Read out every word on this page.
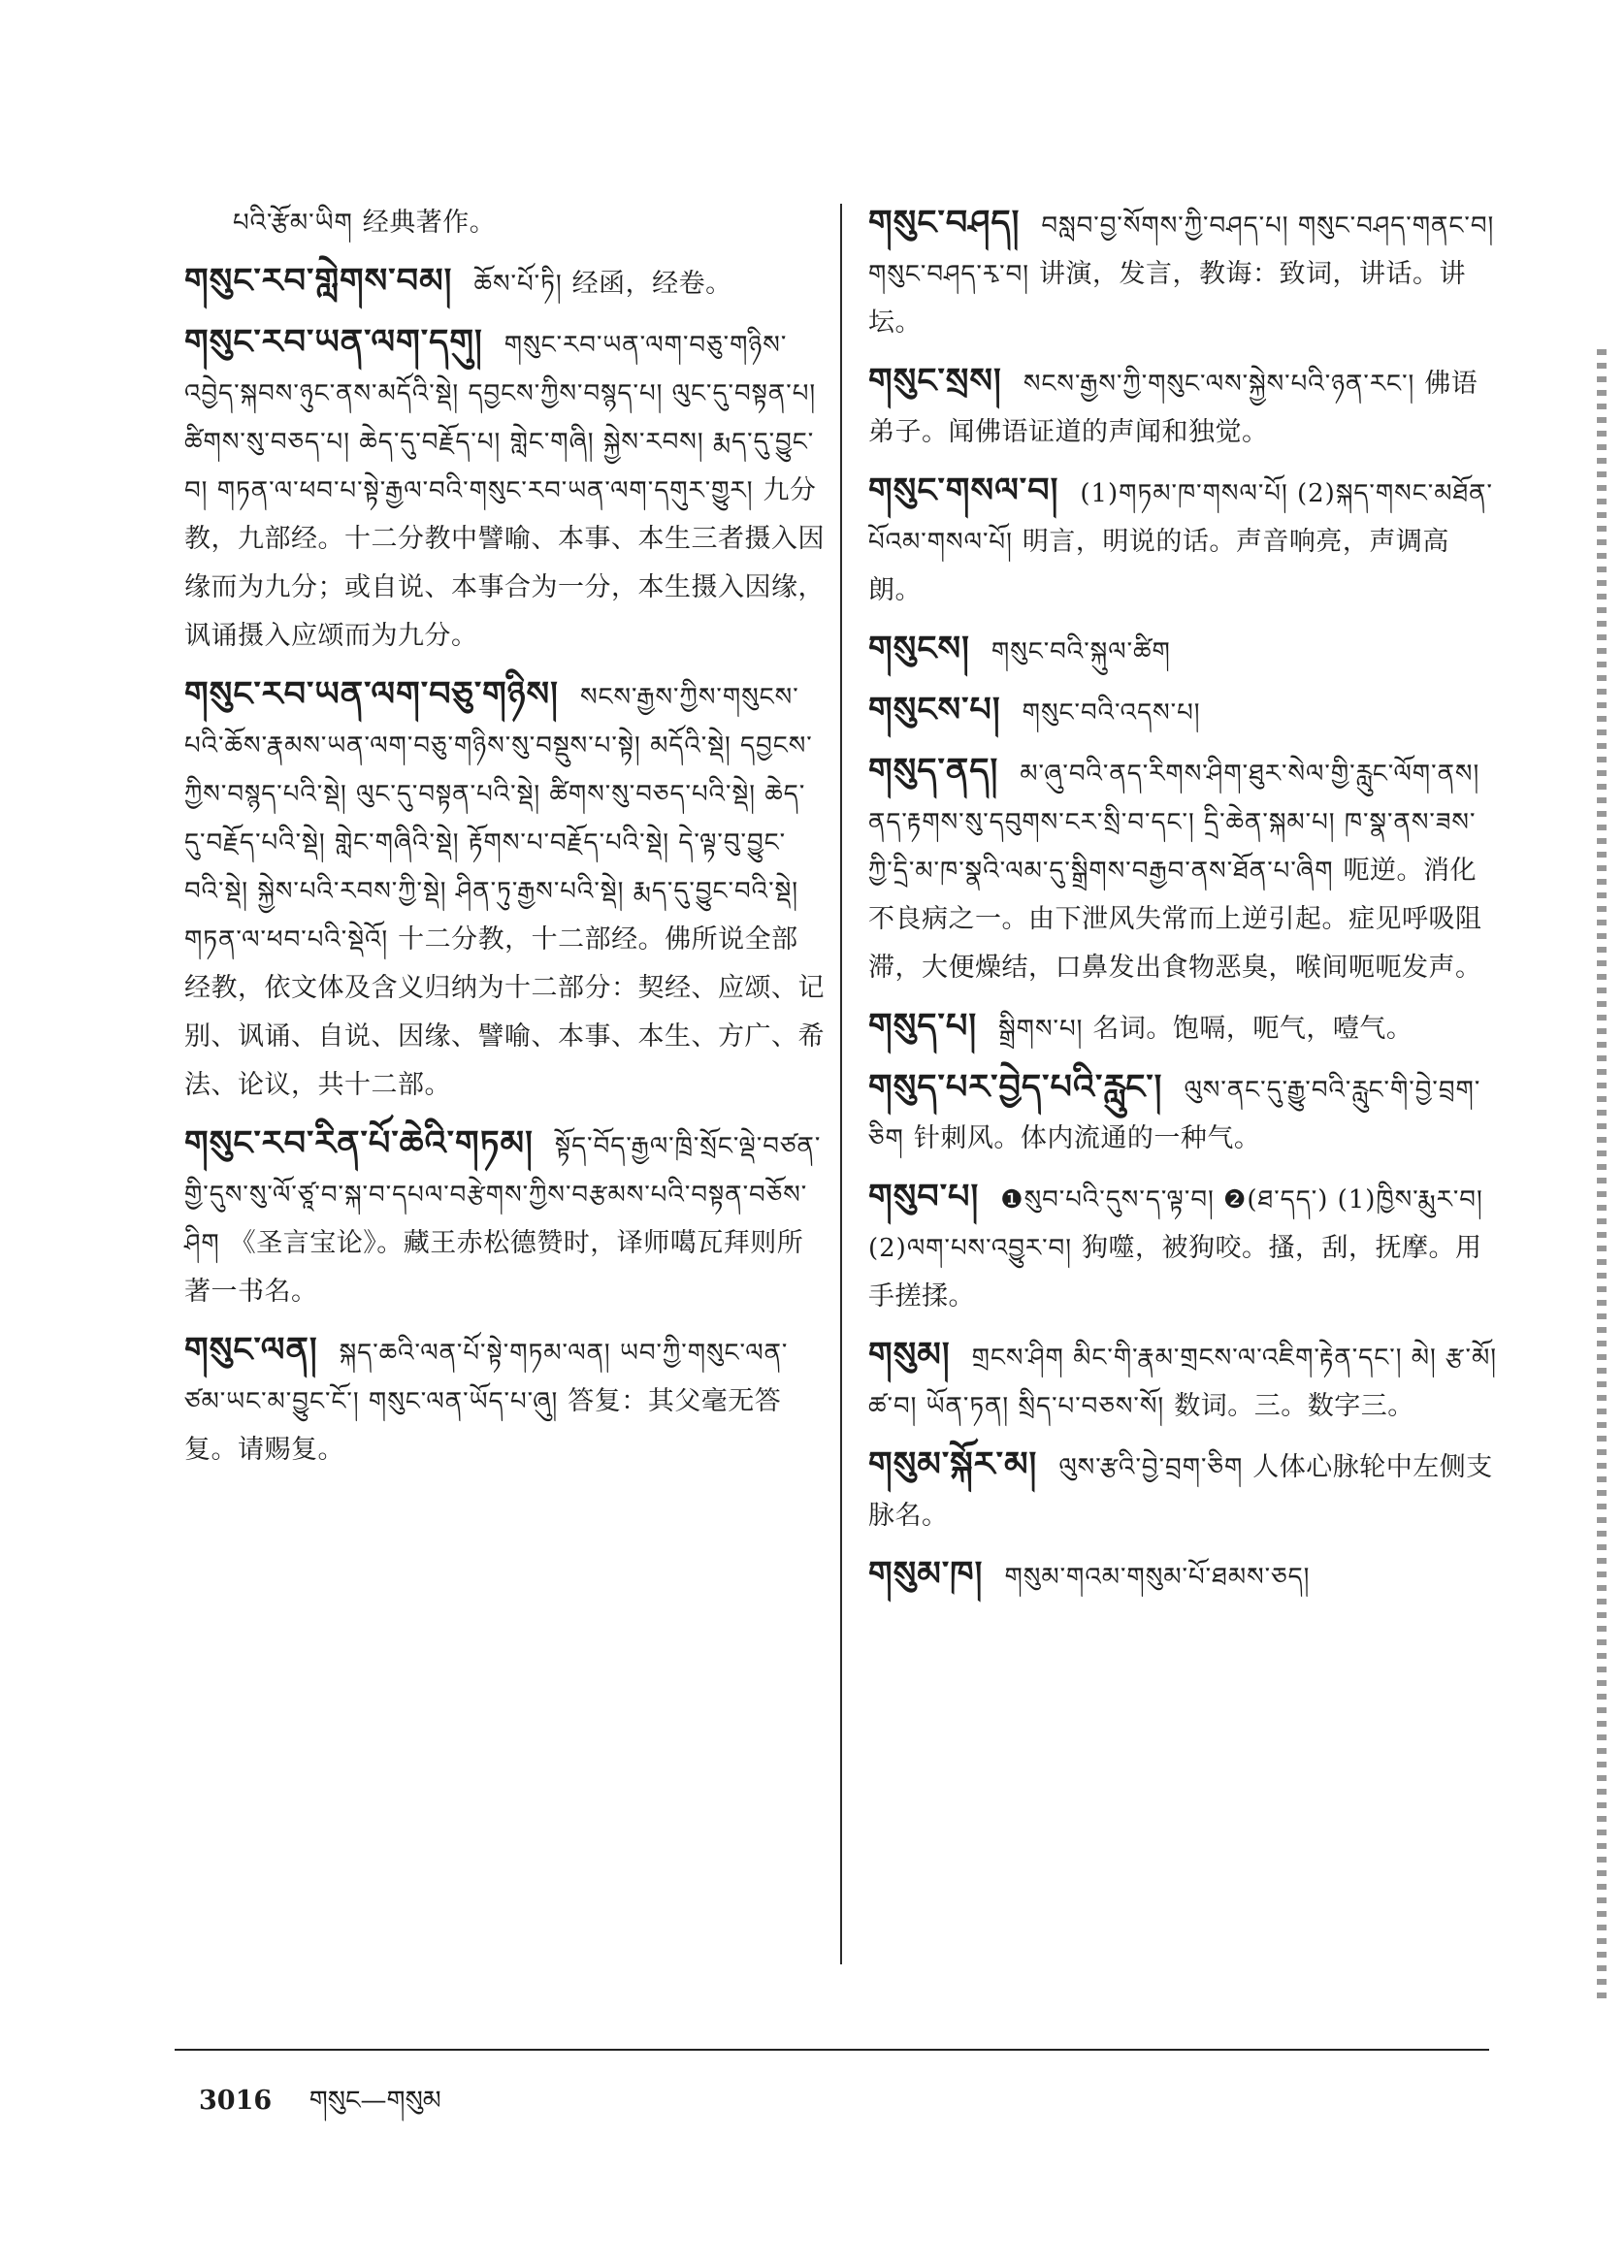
པའི་རྩོམ་ཡིག 经典著作。
གསུང་རབ་གླེགས་བམ། ཆོས་པོ་ཏི། 经函，经卷。
གསུང་རབ་ཡན་ལག་དགུ། གསུང་རབ་ཡན་ལག་བཅུ་གཉིས་འབྱེད་སྐབས་ཉུང་ནས་མདོའི་སྡེ། དབྱངས་ཀྱིས་བསྙད་པ། ལུང་དུ་བསྟན་པ། ཚིགས་སུ་བཅད་པ། ཆེད་དུ་བརྗོད་པ། གླེང་གཞི། སྐྱེས་རབས། རྨད་དུ་བྱུང་བ། གཏན་ལ་ཕབ་པ་སྟེ་རྒྱལ་བའི་གསུང་རབ་ཡན་ལག་དགུར་གྱུར། 九分教，九部经。十二分教中譬喻、本事、本生三者摄入因缘而为九分；或自说、本事合为一分，本生摄入因缘，讽诵摄入应颂而为九分。
གསུང་རབ་ཡན་ལག་བཅུ་གཉིས། སངས་རྒྱས་ཀྱིས་གསུངས་པའི་ཆོས་རྣམས་ཡན་ལག་བཅུ་གཉིས་སུ་བསྡུས་པ་སྟེ། མདོའི་སྡེ། དབྱངས་ཀྱིས་བསྙད་པའི་སྡེ། ལུང་དུ་བསྟན་པའི་སྡེ། ཚིགས་སུ་བཅད་པའི་སྡེ། ཆེད་དུ་བརྗོད་པའི་སྡེ། གླེང་གཞིའི་སྡེ། རྟོགས་པ་བརྗོད་པའི་སྡེ། དེ་ལྟ་བུ་བྱུང་བའི་སྡེ། སྐྱེས་པའི་རབས་ཀྱི་སྡེ། ཤིན་ཏུ་རྒྱས་པའི་སྡེ། རྨད་དུ་བྱུང་བའི་སྡེ། གཏན་ལ་ཕབ་པའི་སྡེའོ། 十二分教，十二部经。佛所说全部经教，依文体及含义归纳为十二部分：契经、应颂、记别、讽诵、自说、因缘、譬喻、本事、本生、方广、希法、论议，共十二部。
གསུང་རབ་རིན་པོ་ཆེའི་གཏམ། སྟོད་བོད་རྒྱལ་ཁྲི་སྲོང་ལྡེ་བཙན་གྱི་དུས་སུ་ལོ་ཙཱ་བ་སྐ་བ་དཔལ་བརྩེགས་ཀྱིས་བརྩམས་པའི་བསྟན་བཅོས་ཤིག 《圣言宝论》。藏王赤松德赞时，译师噶瓦拜则所著一书名。
གསུང་ལན། སྐད་ཆའི་ལན་པོ་སྟེ་གཏམ་ལན། ཡབ་ཀྱི་གསུང་ལན་ཙམ་ཡང་མ་བྱུང་ངོ་། གསུང་ལན་ཡོད་པ་ཞུ། 答复：其父毫无答复。请赐复。
གསུང་བཤད། བསླབ་བྱ་སོགས་ཀྱི་བཤད་པ། གསུང་བཤད་གནང་བ། གསུང་བཤད་རྭ་བ། 讲演，发言，教诲：致词，讲话。讲坛。
གསུང་སྲས། སངས་རྒྱས་ཀྱི་གསུང་ལས་སྐྱེས་པའི་ཉན་རང་། 佛语弟子。闻佛语证道的声闻和独觉。
གསུང་གསལ་བ། (1)གཏམ་ཁ་གསལ་པོ། (2)སྐད་གསང་མཐོན་པོའམ་གསལ་པོ། 明言，明说的话。声音响亮，声调高朗。
གསུངས། གསུང་བའི་སྐུལ་ཚིག
གསུངས་པ། གསུང་བའི་འདས་པ།
གསུད་ནད། མ་ཞུ་བའི་ནད་རིགས་ཤིག་ཐུར་སེལ་གྱི་རླུང་ལོག་ནས། ནད་རྟགས་སུ་དབུགས་ངར་སྲི་བ་དང་། དྲི་ཆེན་སྐམ་པ། ཁ་སྣ་ནས་ཟས་ཀྱི་དྲི་མ་ཁ་སྣའི་ལམ་དུ་སྒྲིགས་བརྒྱབ་ནས་ཐོན་པ་ཞིག 呃逆。消化不良病之一。由下泄风失常而上逆引起。症见呼吸阻滞，大便燥结，口鼻发出食物恶臭，喉间呃呃发声。
གསུད་པ། སྒྲིགས་པ། 名词。饱嗝，呃气，噎气。
གསུད་པར་བྱེད་པའི་རླུང་། ལུས་ནང་དུ་རྒྱུ་བའི་རླུང་གི་བྱེ་བྲག་ཅིག 针刺风。体内流通的一种气。
གསུབ་པ། ❶སུབ་པའི་དུས་ད་ལྟ་བ། ❷(ཐ་དད་) (1)ཁྱིས་རྨུར་བ། (2)ལག་པས་འབྱུར་བ། 狗噬，被狗咬。搔，刮，抚摩。用手搓揉。
གསུམ། གྲངས་ཤིག མིང་གི་རྣམ་གྲངས་ལ་འཇིག་རྟེན་དང་། མེ། རྩ་མོ། ཚ་བ། ཡོན་ཏན། སྲིད་པ་བཅས་སོ། 数词。三。数字三。
གསུམ་སྐོར་མ། ལུས་རྩའི་བྱེ་བྲག་ཅིག 人体心脉轮中左侧支脉名。
གསུམ་ཁ། གསུམ་གའམ་གསུམ་པོ་ཐམས་ཅད།
3016 གསུང—གསུམ
